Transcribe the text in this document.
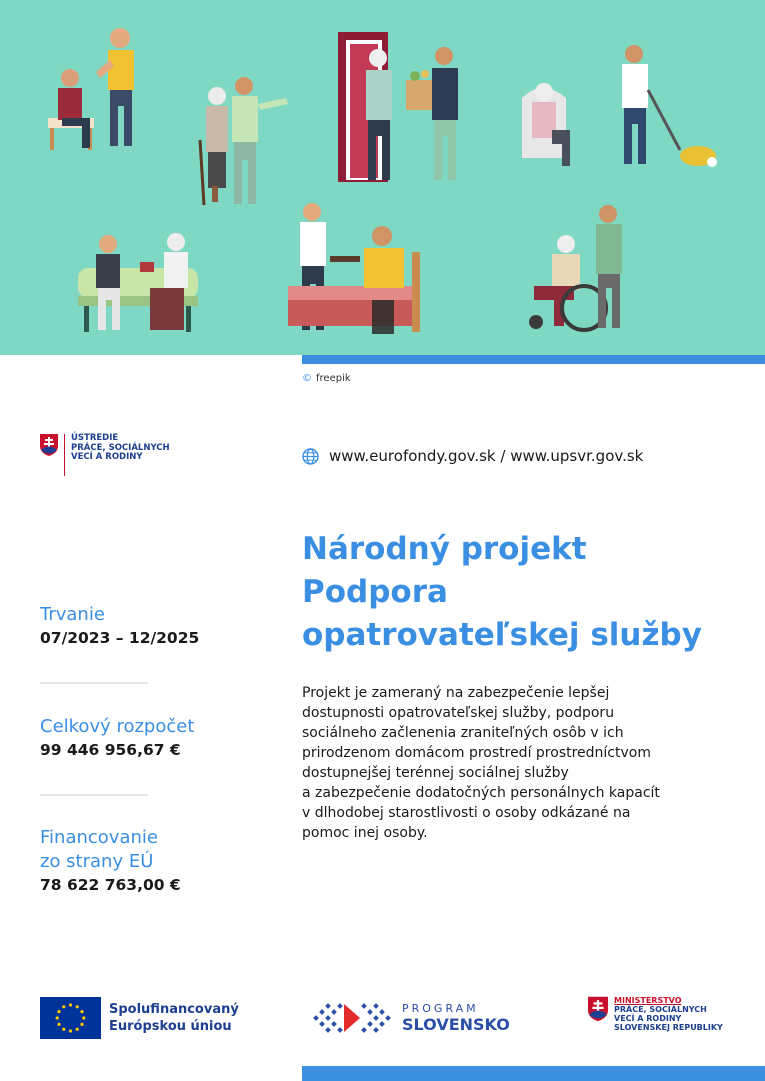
© freepik
ÚSTREDIE
PRÁCE, SOCIÁLNYCH
VECÍ A RODINY	www.eurofondy.gov.sk / www.upsvr.gov.sk
Národný projekt
Podpora
opatrovateľskej služby
Projekt je zameraný na zabezpečenie lepšej
dostupnosti opatrovateľskej služby, podporu
sociálneho začlenenia zraniteľných osôb v ich
prirodzenom domácom prostredí prostredníctvom
dostupnejšej terénnej sociálnej služby
a zabezpečenie dodatočných personálnych kapacít
v dlhodobej starostlivosti o osoby odkázané na
pomoc inej osoby.
Trvanie
07/2023 – 12/2025
Celkový rozpočet
99 446 956,67 €
Financovanie
zo strany EÚ
78 622 763,00 €
Spolufinancovaný
Európskou úniou
PROGRAM
SLOVENSKO
MINISTERSTVO
PRÁCE, SOCIÁLNYCH
VECÍ A RODINY
SLOVENSKEJ REPUBLIKY
